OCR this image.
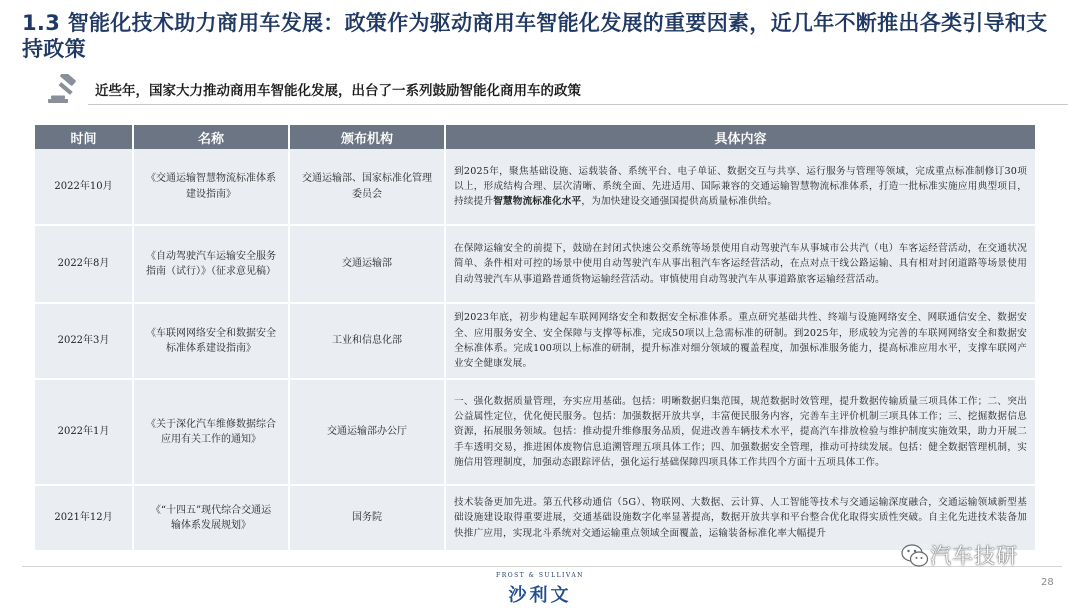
1.3 智能化技术助力商用车发展：政策作为驱动商用车智能化发展的重要因素，近几年不断推出各类引导和支持政策
近些年，国家大力推动商用车智能化发展，出台了一系列鼓励智能化商用车的政策
时间	名称	颁布机构	具体内容
2022年10月	《交通运输智慧物流标准体系建设指南》	交通运输部、国家标准化管理委员会	到2025年，聚焦基础设施、运载装备、系统平台、电子单证、数据交互与共享、运行服务与管理等领域，完成重点标准制修订30项以上，形成结构合理、层次清晰、系统全面、先进适用、国际兼容的交通运输智慧物流标准体系，打造一批标准实施应用典型项目，持续提升智慧物流标准化水平，为加快建设交通强国提供高质量标准供给。
2022年8月	《自动驾驶汽车运输安全服务指南（试行）》（征求意见稿）	交通运输部	在保障运输安全的前提下，鼓励在封闭式快速公交系统等场景使用自动驾驶汽车从事城市公共汽（电）车客运经营活动，在交通状况简单、条件相对可控的场景中使用自动驾驶汽车从事出租汽车客运经营活动，在点对点干线公路运输、具有相对封闭道路等场景使用自动驾驶汽车从事道路普通货物运输经营活动。审慎使用自动驾驶汽车从事道路旅客运输经营活动。
2022年3月	《车联网网络安全和数据安全标准体系建设指南》	工业和信息化部	到2023年底，初步构建起车联网网络安全和数据安全标准体系。重点研究基础共性、终端与设施网络安全、网联通信安全、数据安全、应用服务安全、安全保障与支撑等标准，完成50项以上急需标准的研制。到2025年，形成较为完善的车联网网络安全和数据安全标准体系。完成100项以上标准的研制，提升标准对细分领域的覆盖程度，加强标准服务能力，提高标准应用水平，支撑车联网产业安全健康发展。
2022年1月	《关于深化汽车维修数据综合应用有关工作的通知》	交通运输部办公厅	一、强化数据质量管理，夯实应用基础。包括：明晰数据归集范围，规范数据时效管理，提升数据传输质量三项具体工作；二、突出公益属性定位，优化便民服务。包括：加强数据开放共享，丰富便民服务内容，完善车主评价机制三项具体工作；三、挖掘数据信息资源，拓展服务领域。包括：推动提升维修服务品质，促进改善车辆技术水平，提高汽车排放检验与维护制度实施效果，助力开展二手车透明交易，推进困体废物信息追溯管理五项具体工作；四、加强数据安全管理，推动可持续发展。包括：健全数据管理机制，实施信用管理制度，加强动态跟踪评估，强化运行基础保障四项具体工作共四个方面十五项具体工作。
2021年12月	《“十四五”现代综合交通运输体系发展规划》	国务院	技术装备更加先进。第五代移动通信（5G）、物联网、大数据、云计算、人工智能等技术与交通运输深度融合，交通运输领域新型基础设施建设取得重要进展，交通基础设施数字化率显著提高，数据开放共享和平台整合优化取得实质性突破。自主化先进技术装备加快推广应用，实现北斗系统对交通运输重点领域全面覆盖，运输装备标准化率大幅提升
FROST & SULLIVAN
沙利文
汽车技研
28
